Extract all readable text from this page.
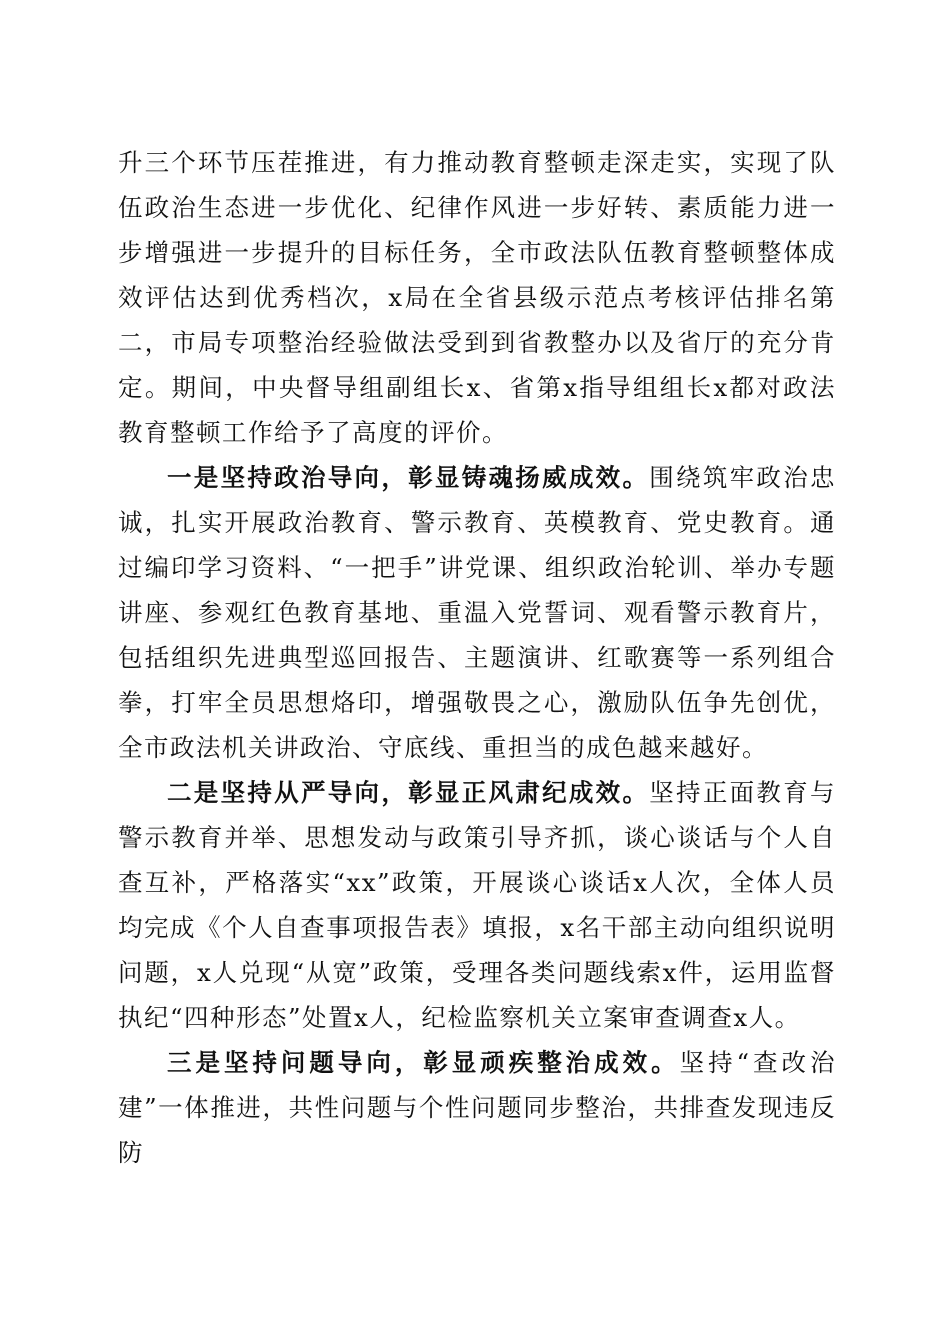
升三个环节压茬推进，有力推动教育整顿走深走实，实现了队伍政治生态进一步优化、纪律作风进一步好转、素质能力进一步增强进一步提升的目标任务，全市政法队伍教育整顿整体成效评估达到优秀档次，x局在全省县级示范点考核评估排名第二，市局专项整治经验做法受到到省教整办以及省厅的充分肯定。期间，中央督导组副组长x、省第x指导组组长x都对政法教育整顿工作给予了高度的评价。

一是坚持政治导向，彰显铸魂扬威成效。围绕筑牢政治忠诚，扎实开展政治教育、警示教育、英模教育、党史教育。通过编印学习资料、“一把手”讲党课、组织政治轮训、举办专题讲座、参观红色教育基地、重温入党誓词、观看警示教育片，包括组织先进典型巡回报告、主题演讲、红歌赛等一系列组合拳，打牢全员思想烙印，增强敬畏之心，激励队伍争先创优，全市政法机关讲政治、守底线、重担当的成色越来越好。

二是坚持从严导向，彰显正风肃纪成效。坚持正面教育与警示教育并举、思想发动与政策引导齐抓，谈心谈话与个人自查互补，严格落实“xx”政策，开展谈心谈话x人次，全体人员均完成《个人自查事项报告表》填报，x名干部主动向组织说明问题，x人兑现“从宽”政策，受理各类问题线索x件，运用监督执纪“四种形态”处置x人，纪检监察机关立案审查调查x人。

三是坚持问题导向，彰显顽疾整治成效。坚持“查改治建”一体推进，共性问题与个性问题同步整治，共排查发现违反防
